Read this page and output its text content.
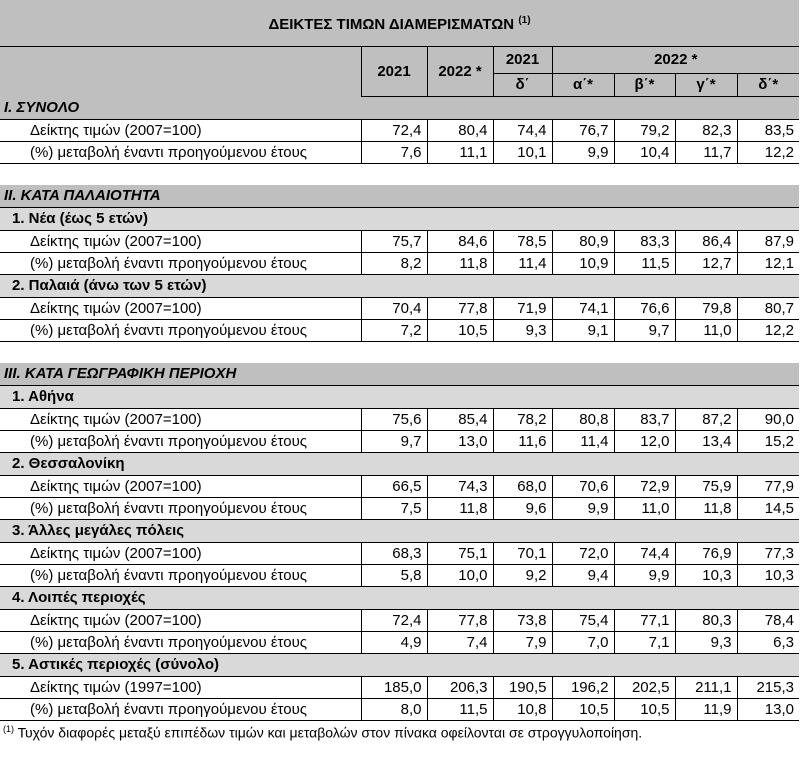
ΔΕΙΚΤΕΣ ΤΙΜΩΝ ΔΙΑΜΕΡΙΣΜΑΤΩΝ $^{(1)}$
	2021	2022 *	2021	2022 *			
			δ΄	α΄*	β΄*	γ΄*	δ΄*
I. ΣΥΝΟΛΟ							
Δείκτης τιμών (2007=100)	72,4	80,4	74,4	76,7	79,2	82,3	83,5
(%) μεταβολή έναντι προηγούμενου έτους	7,6	11,1	10,1	9,9	10,4	11,7	12,2

II. ΚΑΤΑ ΠΑΛΑΙΟΤΗΤΑ							
1. Νέα (έως 5 ετών)							
Δείκτης τιμών (2007=100)	75,7	84,6	78,5	80,9	83,3	86,4	87,9
(%) μεταβολή έναντι προηγούμενου έτους	8,2	11,8	11,4	10,9	11,5	12,7	12,1
2. Παλαιά (άνω των 5 ετών)							
Δείκτης τιμών (2007=100)	70,4	77,8	71,9	74,1	76,6	79,8	80,7
(%) μεταβολή έναντι προηγούμενου έτους	7,2	10,5	9,3	9,1	9,7	11,0	12,2

III. ΚΑΤΑ ΓΕΩΓΡΑΦΙΚΗ ΠΕΡΙΟΧΗ							
1. Αθήνα							
Δείκτης τιμών (2007=100)	75,6	85,4	78,2	80,8	83,7	87,2	90,0
(%) μεταβολή έναντι προηγούμενου έτους	9,7	13,0	11,6	11,4	12,0	13,4	15,2
2. Θεσσαλονίκη							
Δείκτης τιμών (2007=100)	66,5	74,3	68,0	70,6	72,9	75,9	77,9
(%) μεταβολή έναντι προηγούμενου έτους	7,5	11,8	9,6	9,9	11,0	11,8	14,5
3. Άλλες μεγάλες πόλεις							
Δείκτης τιμών (2007=100)	68,3	75,1	70,1	72,0	74,4	76,9	77,3
(%) μεταβολή έναντι προηγούμενου έτους	5,8	10,0	9,2	9,4	9,9	10,3	10,3
4. Λοιπές περιοχές							
Δείκτης τιμών (2007=100)	72,4	77,8	73,8	75,4	77,1	80,3	78,4
(%) μεταβολή έναντι προηγούμενου έτους	4,9	7,4	7,9	7,0	7,1	9,3	6,3
5. Αστικές περιοχές (σύνολο)							
Δείκτης τιμών (1997=100)	185,0	206,3	190,5	196,2	202,5	211,1	215,3
(%) μεταβολή έναντι προηγούμενου έτους	8,0	11,5	10,8	10,5	10,5	11,9	13,0
$^{(1)}$ Τυχόν διαφορές μεταξύ επιπέδων τιμών και μεταβολών στον πίνακα οφείλονται σε στρογγυλοποίηση.
